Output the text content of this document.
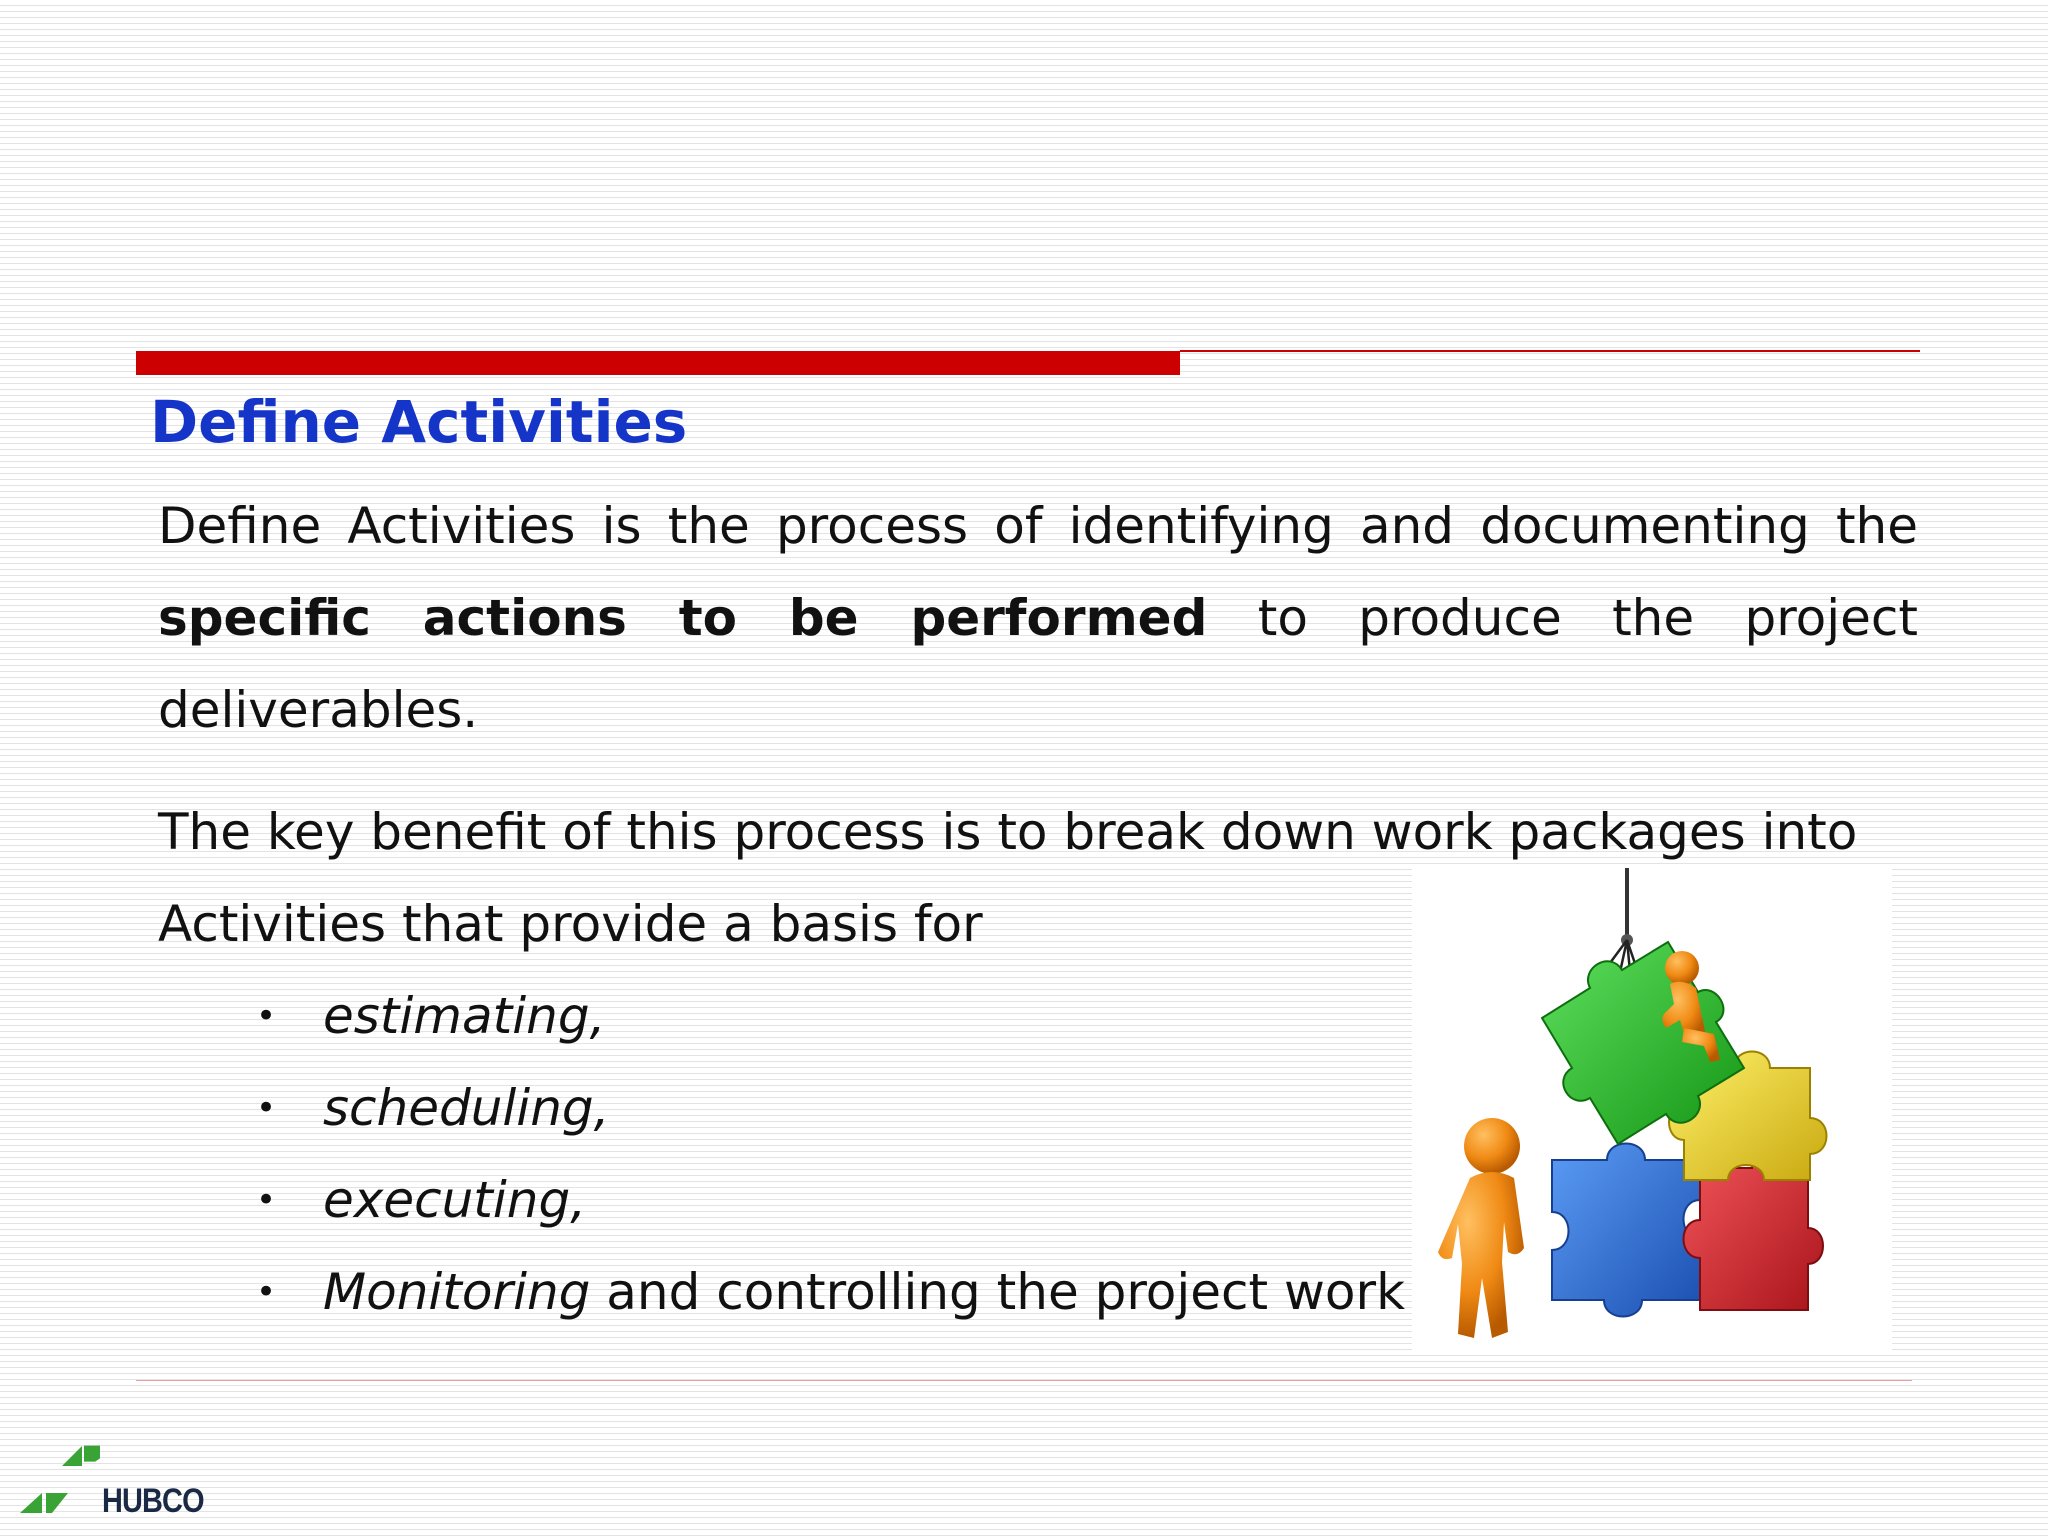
Define Activities

Define Activities is the process of identifying and documenting the specific actions to be performed to produce the project deliverables.

The key benefit of this process is to break down work packages into Activities that provide a basis for

• estimating,
• scheduling,
• executing,
• Monitoring and controlling the project work
HUBCO
